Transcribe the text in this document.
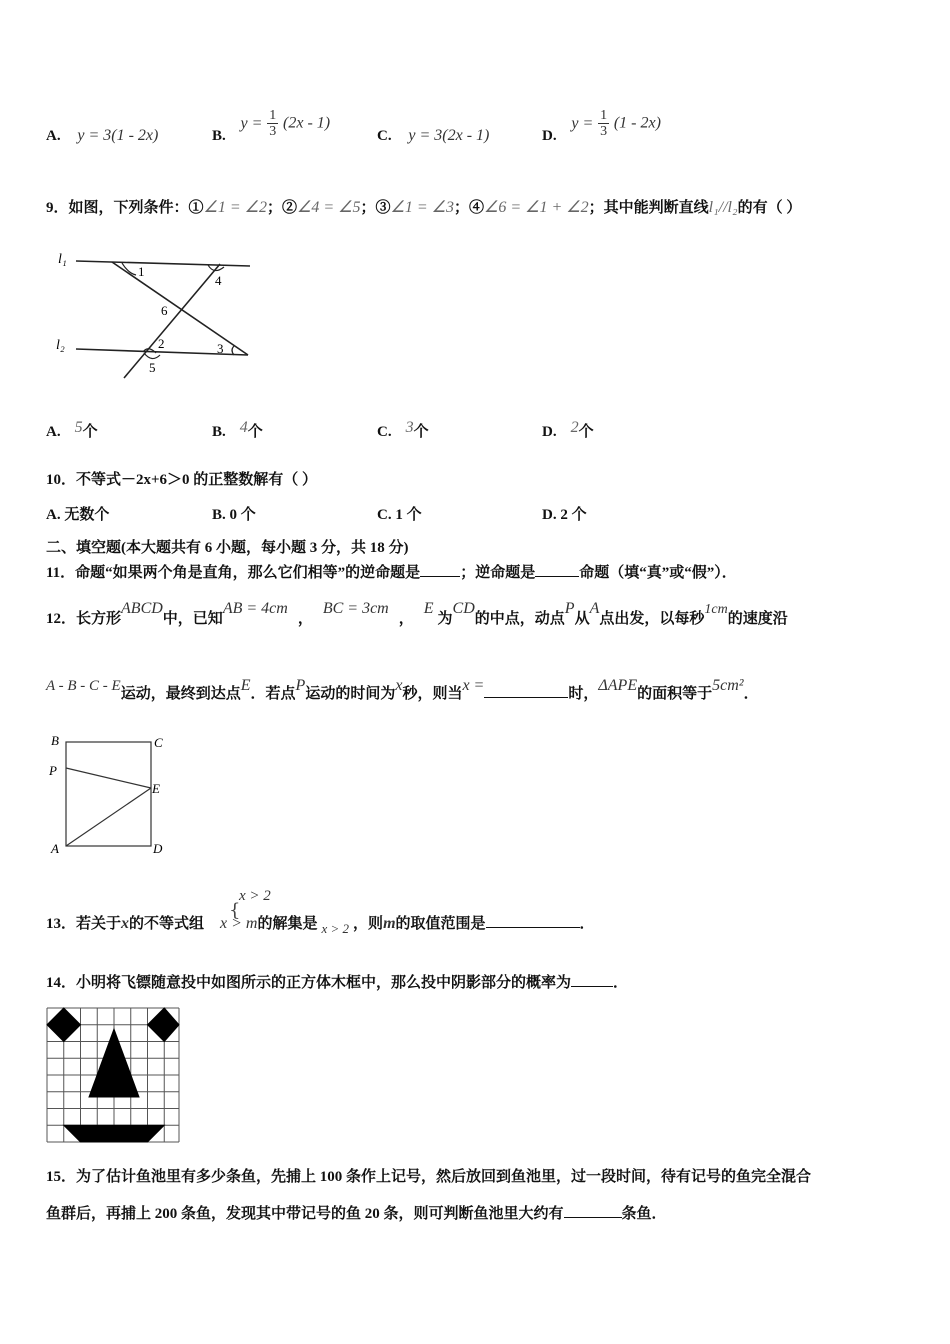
A. y = 3(1 - 2x)	B. $y = \frac{1}{3} (2x - 1)$
C. y = 3(2x - 1)	D. $y = \frac{1}{3} (1 - 2x)$
9．如图，下列条件：①∠1 = ∠2；②∠4 = ∠5；③∠1 = ∠3；④∠6 = ∠1 + ∠2；其中能判断直线l₁//l₂的有（ ）
l₁
l₂
1
4
6
2	3
5
A. 5个	B. 4个	C. 3个	D. 2个
10．不等式－2x+6＞0 的正整数解有（ ）
A. 无数个	B. 0 个	C. 1 个	D. 2 个
二、填空题(本大题共有 6 小题，每小题 3 分，共 18 分)
11．命题“如果两个角是直角，那么它们相等”的逆命题是	；逆命题是	命题（填“真”或“假”）．
12．长方形ABCD中，已知AB = 4cm，BC = 3cm，E为CD的中点，动点P从A点出发，以每秒1cm的速度沿
A - B - C - E运动，最终到达点E．若点P运动的时间为x秒，则当x =	时，ΔAPE的面积等于5cm²．
B	C
P
E
A	D
x > 2
{
13．若关于x的不等式组 x > m的解集是 x > 2 ，则m的取值范围是	．
14．小明将飞镖随意投中如图所示的正方体木框中，那么投中阴影部分的概率为	．
15．为了估计鱼池里有多少条鱼，先捕上 100 条作上记号，然后放回到鱼池里，过一段时间，待有记号的鱼完全混合
鱼群后，再捕上 200 条鱼，发现其中带记号的鱼 20 条，则可判断鱼池里大约有	条鱼．
